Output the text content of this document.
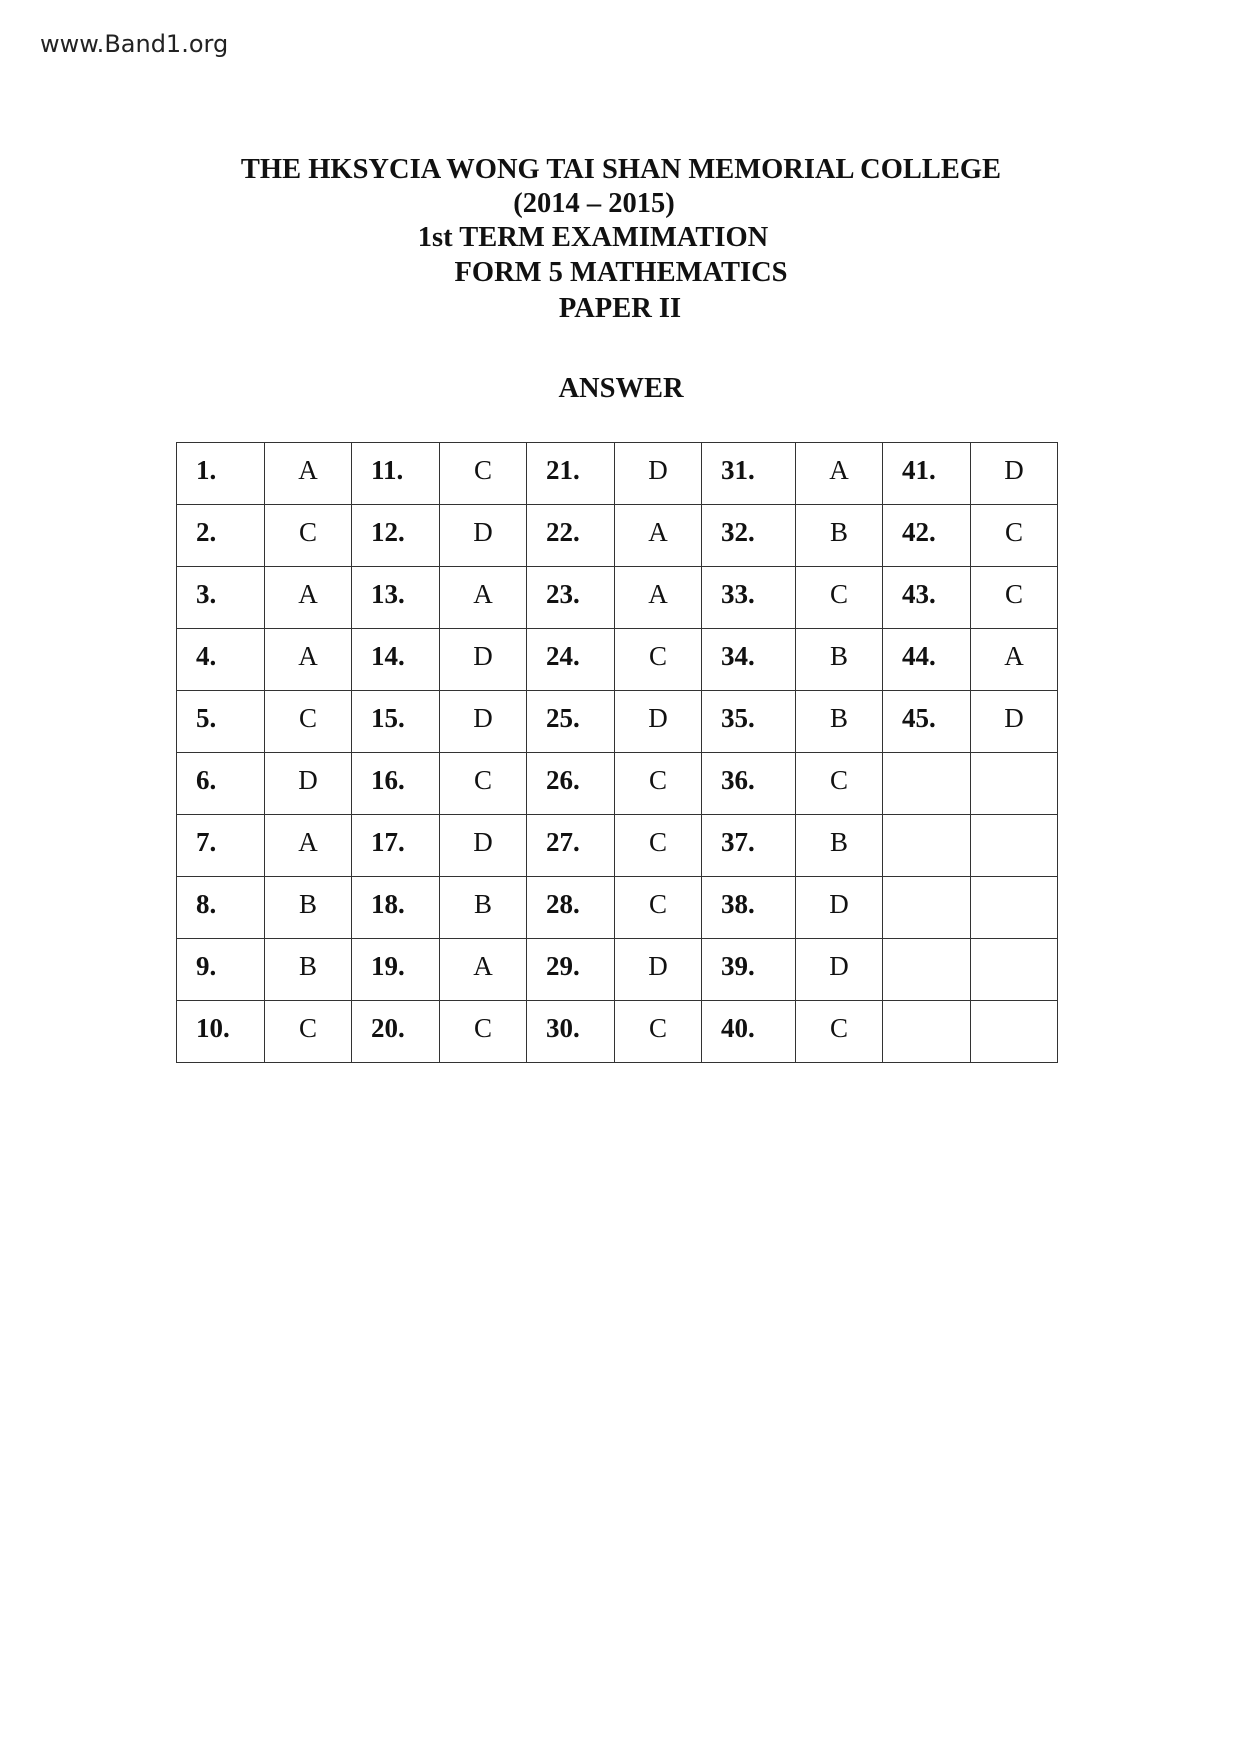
www.Band1.org
THE HKSYCIA WONG TAI SHAN MEMORIAL COLLEGE
(2014 – 2015)
1st TERM EXAMIMATION
FORM 5 MATHEMATICS
PAPER II
ANSWER
1.	A	11.	C	21.	D	31.	A	41.	D

2.	C	12.	D	22.	A	32.	B	42.	C

3.	A	13.	A	23.	A	33.	C	43.	C

4.	A	14.	D	24.	C	34.	B	44.	A

5.	C	15.	D	25.	D	35.	B	45.	D

6.	D	16.	C	26.	C	36.	C		

7.	A	17.	D	27.	C	37.	B		

8.	B	18.	B	28.	C	38.	D		

9.	B	19.	A	29.	D	39.	D		

10.	C	20.	C	30.	C	40.	C		
